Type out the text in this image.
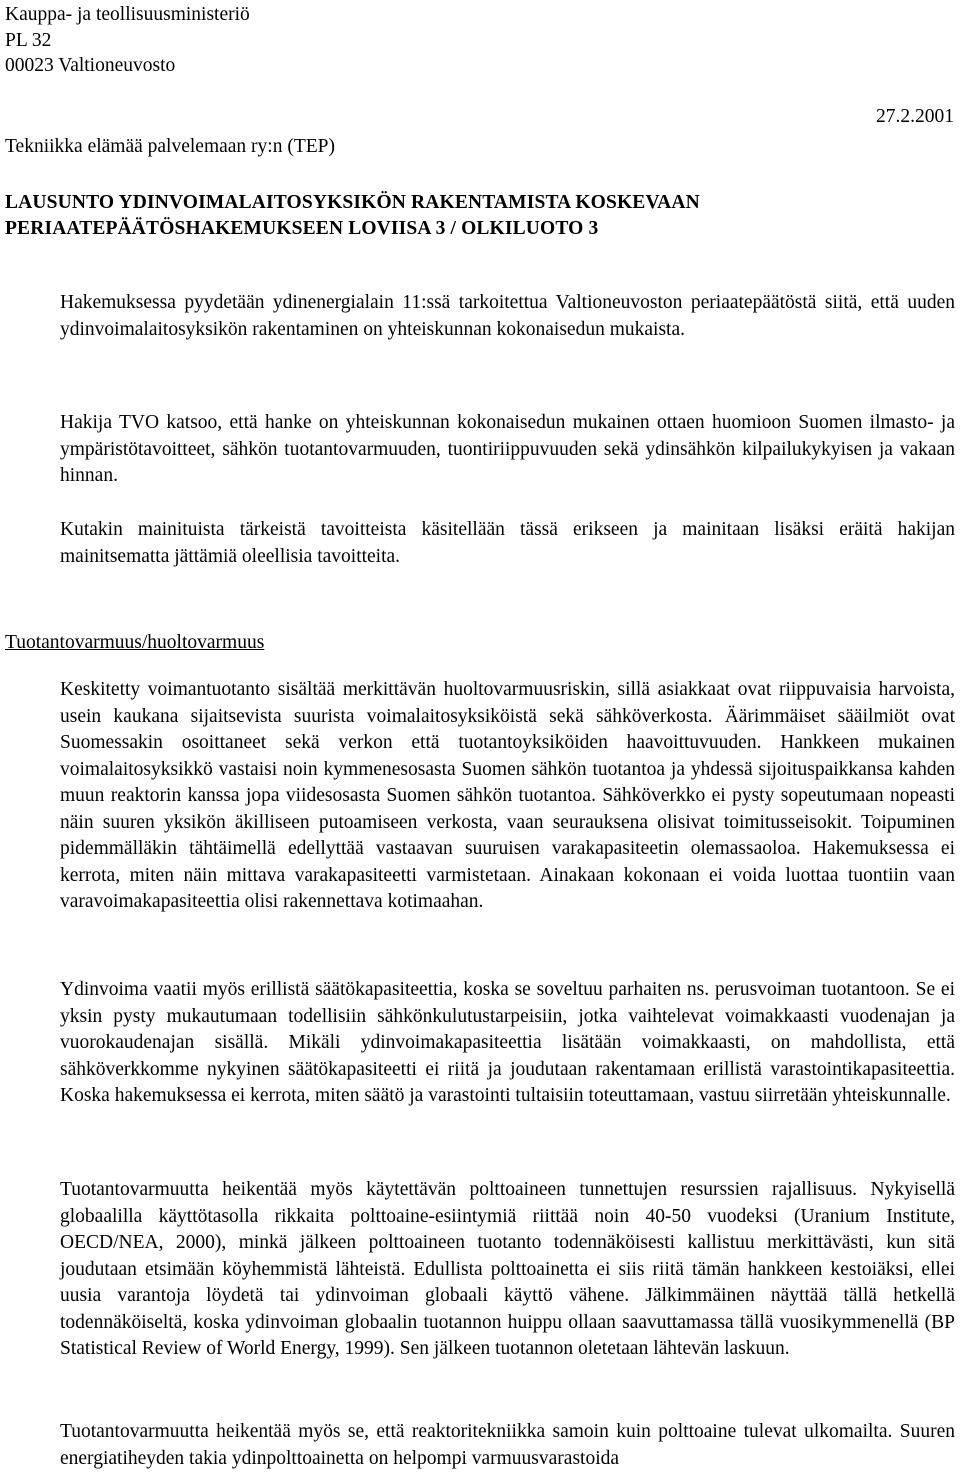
Kauppa- ja teollisuusministeriö
PL 32
00023 Valtioneuvosto
27.2.2001
Tekniikka elämää palvelemaan ry:n (TEP)
LAUSUNTO YDINVOIMALAITOSYKSIKÖN RAKENTAMISTA KOSKEVAAN
PERIAATEPÄÄTÖSHAKEMUKSEEN LOVIISA 3 / OLKILUOTO 3
Hakemuksessa pyydetään ydinenergialain 11:ssä tarkoitettua Valtioneuvoston periaatepäätöstä siitä, että uuden ydinvoimalaitosyksikön rakentaminen on yhteiskunnan kokonaisedun mukaista.
Hakija TVO katsoo, että hanke on yhteiskunnan kokonaisedun mukainen ottaen huomioon Suomen ilmasto- ja ympäristötavoitteet, sähkön tuotantovarmuuden, tuontiriippuvuuden sekä ydinsähkön kilpailukykyisen ja vakaan hinnan.
Kutakin mainituista tärkeistä tavoitteista käsitellään tässä erikseen ja mainitaan lisäksi eräitä hakijan mainitsematta jättämiä oleellisia tavoitteita.
Tuotantovarmuus/huoltovarmuus
Keskitetty voimantuotanto sisältää merkittävän huoltovarmuusriskin, sillä asiakkaat ovat riippuvaisia harvoista, usein kaukana sijaitsevista suurista voimalaitosyksiköistä sekä sähköverkosta. Äärimmäiset sääilmiöt ovat Suomessakin osoittaneet sekä verkon että tuotantoyksiköiden haavoittuvuuden. Hankkeen mukainen voimalaitosyksikkö vastaisi noin kymmenesosasta Suomen sähkön tuotantoa ja yhdessä sijoituspaikkansa kahden muun reaktorin kanssa jopa viidesosasta Suomen sähkön tuotantoa. Sähköverkko ei pysty sopeutumaan nopeasti näin suuren yksikön äkilliseen putoamiseen verkosta, vaan seurauksena olisivat toimitusseisokit. Toipuminen pidemmälläkin tähtäimellä edellyttää vastaavan suuruisen varakapasiteetin olemassaoloa. Hakemuksessa ei kerrota, miten näin mittava varakapasiteetti varmistetaan. Ainakaan kokonaan ei voida luottaa tuontiin vaan varavoimakapasiteettia olisi rakennettava kotimaahan.
Ydinvoima vaatii myös erillistä säätökapasiteettia, koska se soveltuu parhaiten ns. perusvoiman tuotantoon. Se ei yksin pysty mukautumaan todellisiin sähkönkulutustarpeisiin, jotka vaihtelevat voimakkaasti vuodenajan ja vuorokaudenajan sisällä. Mikäli ydinvoimakapasiteettia lisätään voimakkaasti, on mahdollista, että sähköverkkomme nykyinen säätökapasiteetti ei riitä ja joudutaan rakentamaan erillistä varastointikapasiteettia. Koska hakemuksessa ei kerrota, miten säätö ja varastointi tultaisiin toteuttamaan, vastuu siirretään yhteiskunnalle.
Tuotantovarmuutta heikentää myös käytettävän polttoaineen tunnettujen resurssien rajallisuus. Nykyisellä globaalilla käyttötasolla rikkaita polttoaine-esiintymiä riittää noin 40-50 vuodeksi (Uranium Institute, OECD/NEA, 2000), minkä jälkeen polttoaineen tuotanto todennäköisesti kallistuu merkittävästi, kun sitä joudutaan etsimään köyhemmistä lähteistä. Edullista polttoainetta ei siis riitä tämän hankkeen kestoiäksi, ellei uusia varantoja löydetä tai ydinvoiman globaali käyttö vähene. Jälkimmäinen näyttää tällä hetkellä todennäköiseltä, koska ydinvoiman globaalin tuotannon huippu ollaan saavuttamassa tällä vuosikymmenellä (BP Statistical Review of World Energy, 1999). Sen jälkeen tuotannon oletetaan lähtevän laskuun.
Tuotantovarmuutta heikentää myös se, että reaktoritekniikka samoin kuin polttoaine tulevat ulkomailta. Suuren energiatiheyden takia ydinpolttoainetta on helpompi varmuusvarastoida
